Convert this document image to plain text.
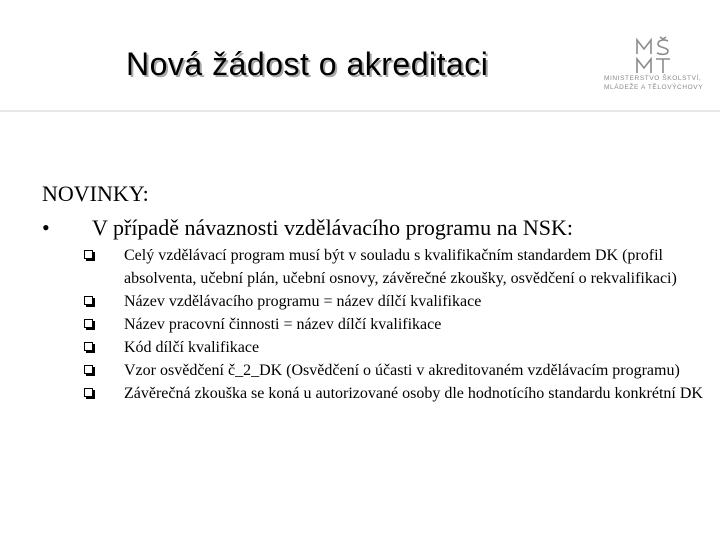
Nová žádost o akreditaci	MINISTERSTVO ŠKOLSTVÍ,
MLÁDEŽE A TĚLOVÝCHOVY
NOVINKY:
• V případě návaznosti vzdělávacího programu na NSK:
Celý vzdělávací program musí být v souladu s kvalifikačním standardem DK (profil absolventa, učební plán, učební osnovy, závěrečné zkoušky, osvědčení o rekvalifikaci)
Název vzdělávacího programu = název dílčí kvalifikace
Název pracovní činnosti = název dílčí kvalifikace
Kód dílčí kvalifikace
Vzor osvědčení č_2_DK (Osvědčení o účasti v akreditovaném vzdělávacím programu)
Závěrečná zkouška se koná u autorizované osoby dle hodnotícího standardu konkrétní DK
